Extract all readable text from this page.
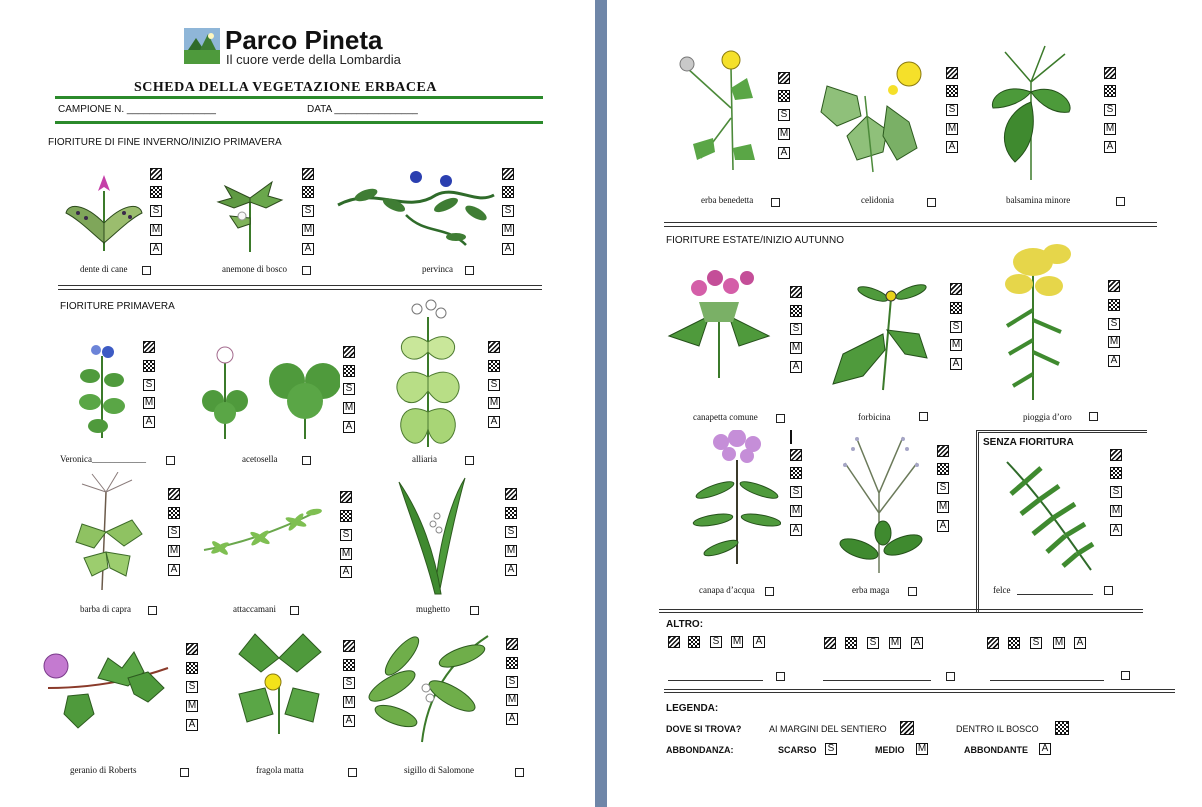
Parco Pineta
Il cuore verde della Lombardia
SCHEDA DELLA VEGETAZIONE ERBACEA
CAMPIONE N. ________________	DATA _______________
FIORITURE DI FINE INVERNO/INIZIO PRIMAVERA
S
M
A
dente di cane
S
M
A
anemone di bosco
S
M
A
pervinca
FIORITURE PRIMAVERA
S
M
A
Veronica____________
S
M
A
acetosella
S
M
A
alliaria
S
M
A
barba di capra
S
M
A
attaccamani
S
M
A
mughetto
S
M
A
geranio di Roberts
S
M
A
fragola matta
S
M
A
sigillo di Salomone
S
M
A
erba benedetta
S
M
A
celidonia
S
M
A
balsamina minore
FIORITURE ESTATE/INIZIO AUTUNNO
S
M
A
canapetta comune
S
M
A
forbicina
S
M
A
pioggia d’oro
S
M
A
canapa d’acqua
S
M
A
erba maga
SENZA FIORITURA
S
M
A
felce
ALTRO:
S M A	S M A	S M A
LEGENDA:
DOVE SI TROVA?	AI MARGINI DEL SENTIERO	DENTRO IL BOSCO
ABBONDANZA:	SCARSO S	MEDIO M	ABBONDANTE A
